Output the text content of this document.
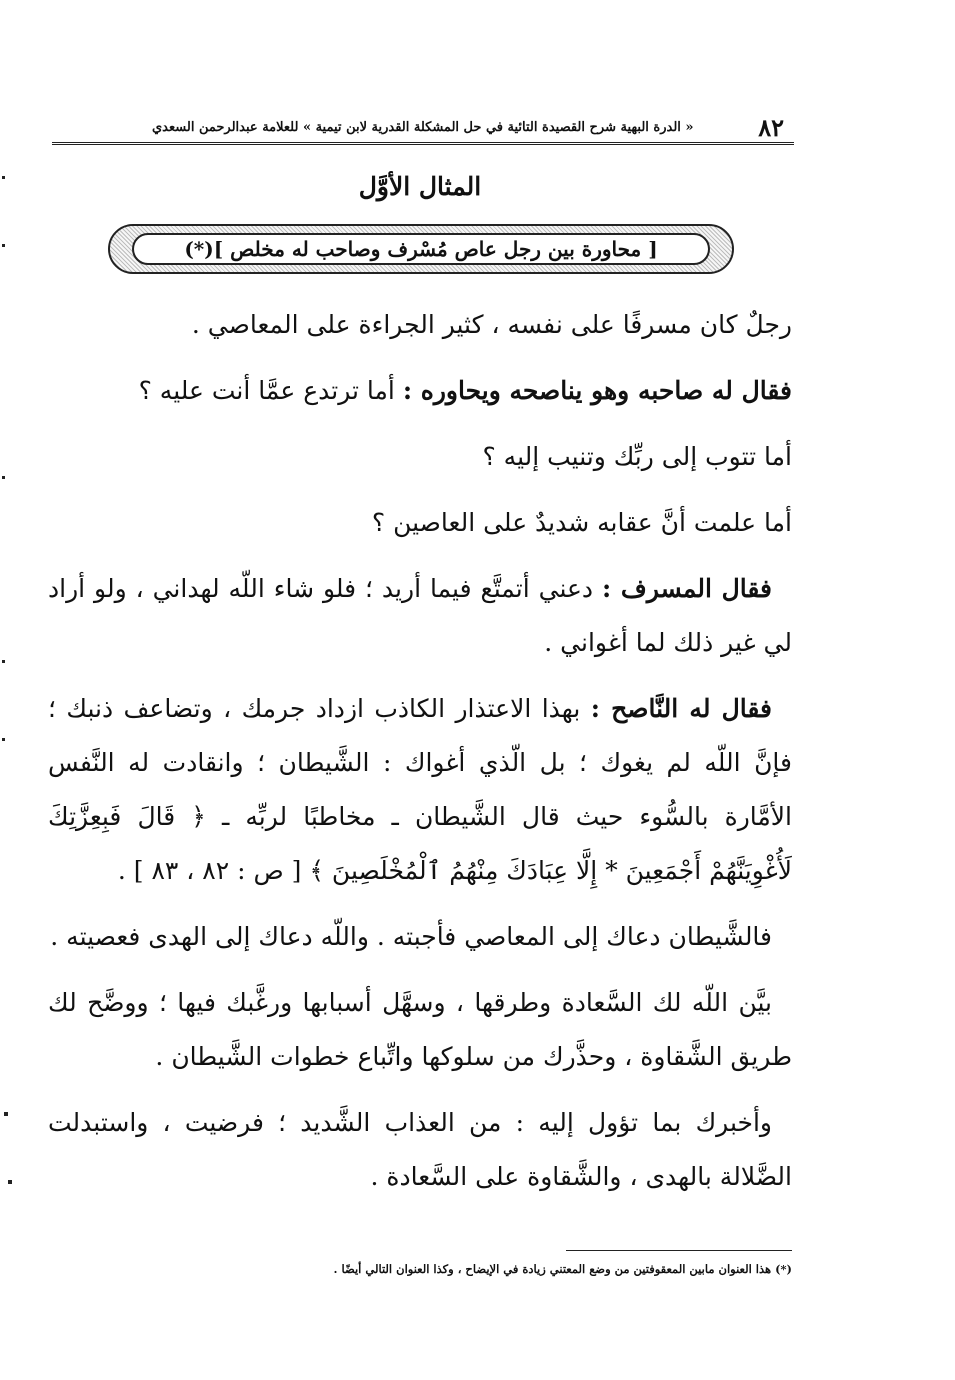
٨٢
« الدرة البهية شرح القصيدة التائية في حل المشكلة القدرية لابن تيمية » للعلامة عبدالرحمن السعدي
المثال الأوَّل
[ محاورة بين رجل عاص مُسْرف وصاحب له مخلص ](*)

رجلٌ كان مسرفًا على نفسه ، كثير الجراءة على المعاصي .

فقال له صاحبه وهو يناصحه ويحاوره : أما ترتدع عمَّا أنت عليه ؟

أما تتوب إلى ربِّك وتنيب إليه ؟

أما علمت أنَّ عقابه شديدٌ على العاصين ؟

فقال المسرف : دعني أتمتَّع فيما أريد ؛ فلو شاء اللّه لهداني ، ولو أراد لي غير ذلك لما أغواني .

فقال له النَّاصح : بهذا الاعتذار الكاذب ازداد جرمك ، وتضاعف ذنبك ؛ فإنَّ اللّه لم يغوك ؛ بل الّذي أغواك : الشَّيطان ؛ وانقادت له النَّفس الأمَّارة بالسُّوء حيث قال الشَّيطان ـ مخاطبًا لربِّه ـ ﴿ قَالَ فَبِعِزَّتِكَ لَأُغْوِيَنَّهُمْ أَجْمَعِينَ * إِلَّا عِبَادَكَ مِنْهُمُ ٱلْمُخْلَصِينَ ﴾ [ ص : ٨٢ ، ٨٣ ] .

فالشَّيطان دعاك إلى المعاصي فأجبته . واللّه دعاك إلى الهدى فعصيته .

بيَّن اللّه لك السَّعادة وطرقها ، وسهَّل أسبابها ورغَّبك فيها ؛ ووضَّح لك طريق الشَّقاوة ، وحذَّرك من سلوكها واتِّباع خطوات الشَّيطان .

وأخبرك بما تؤول إليه : من العذاب الشَّديد ؛ فرضيت ، واستبدلت الضَّلالة بالهدى ، والشَّقاوة على السَّعادة .

(*) هذا العنوان مابين المعقوفتين من وضع المعتني زيادة في الإيضاح ، وكذا العنوان التالي أيضًا .
